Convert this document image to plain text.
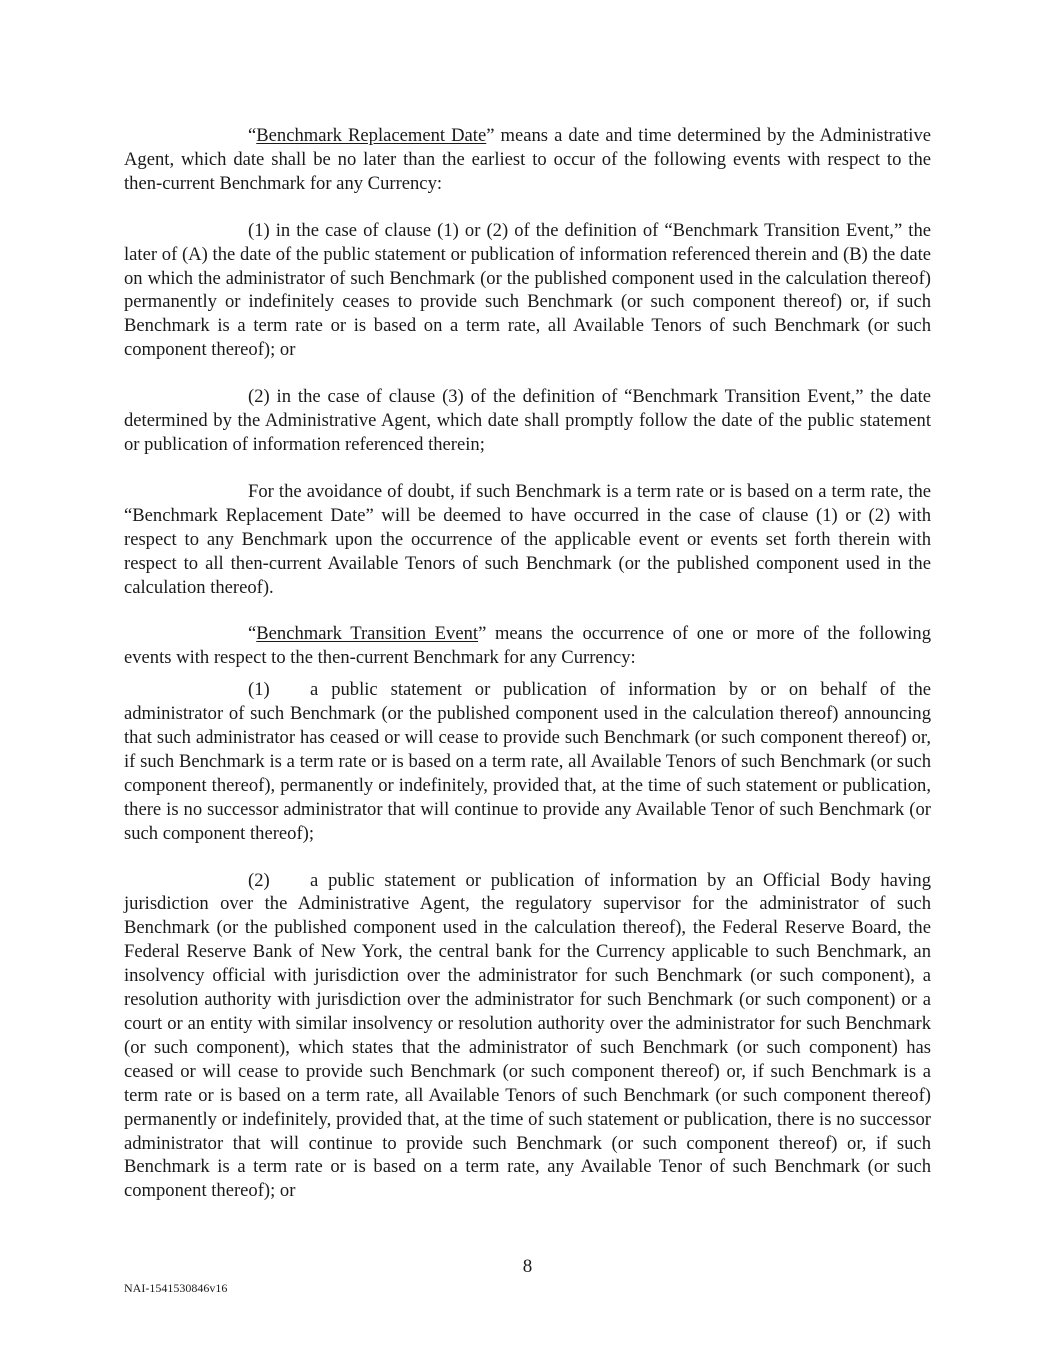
“Benchmark Replacement Date” means a date and time determined by the Administrative Agent, which date shall be no later than the earliest to occur of the following events with respect to the then-current Benchmark for any Currency:

(1) in the case of clause (1) or (2) of the definition of “Benchmark Transition Event,” the later of (A) the date of the public statement or publication of information referenced therein and (B) the date on which the administrator of such Benchmark (or the published component used in the calculation thereof) permanently or indefinitely ceases to provide such Benchmark (or such component thereof) or, if such Benchmark is a term rate or is based on a term rate, all Available Tenors of such Benchmark (or such component thereof); or

(2) in the case of clause (3) of the definition of “Benchmark Transition Event,” the date determined by the Administrative Agent, which date shall promptly follow the date of the public statement or publication of information referenced therein;

For the avoidance of doubt, if such Benchmark is a term rate or is based on a term rate, the “Benchmark Replacement Date” will be deemed to have occurred in the case of clause (1) or (2) with respect to any Benchmark upon the occurrence of the applicable event or events set forth therein with respect to all then-current Available Tenors of such Benchmark (or the published component used in the calculation thereof).

“Benchmark Transition Event” means the occurrence of one or more of the following events with respect to the then-current Benchmark for any Currency:

(1) a public statement or publication of information by or on behalf of the administrator of such Benchmark (or the published component used in the calculation thereof) announcing that such administrator has ceased or will cease to provide such Benchmark (or such component thereof) or, if such Benchmark is a term rate or is based on a term rate, all Available Tenors of such Benchmark (or such component thereof), permanently or indefinitely, provided that, at the time of such statement or publication, there is no successor administrator that will continue to provide any Available Tenor of such Benchmark (or such component thereof);

(2) a public statement or publication of information by an Official Body having jurisdiction over the Administrative Agent, the regulatory supervisor for the administrator of such Benchmark (or the published component used in the calculation thereof), the Federal Reserve Board, the Federal Reserve Bank of New York, the central bank for the Currency applicable to such Benchmark, an insolvency official with jurisdiction over the administrator for such Benchmark (or such component), a resolution authority with jurisdiction over the administrator for such Benchmark (or such component) or a court or an entity with similar insolvency or resolution authority over the administrator for such Benchmark (or such component), which states that the administrator of such Benchmark (or such component) has ceased or will cease to provide such Benchmark (or such component thereof) or, if such Benchmark is a term rate or is based on a term rate, all Available Tenors of such Benchmark (or such component thereof) permanently or indefinitely, provided that, at the time of such statement or publication, there is no successor administrator that will continue to provide such Benchmark (or such component thereof) or, if such Benchmark is a term rate or is based on a term rate, any Available Tenor of such Benchmark (or such component thereof); or

8
NAI-1541530846v16
